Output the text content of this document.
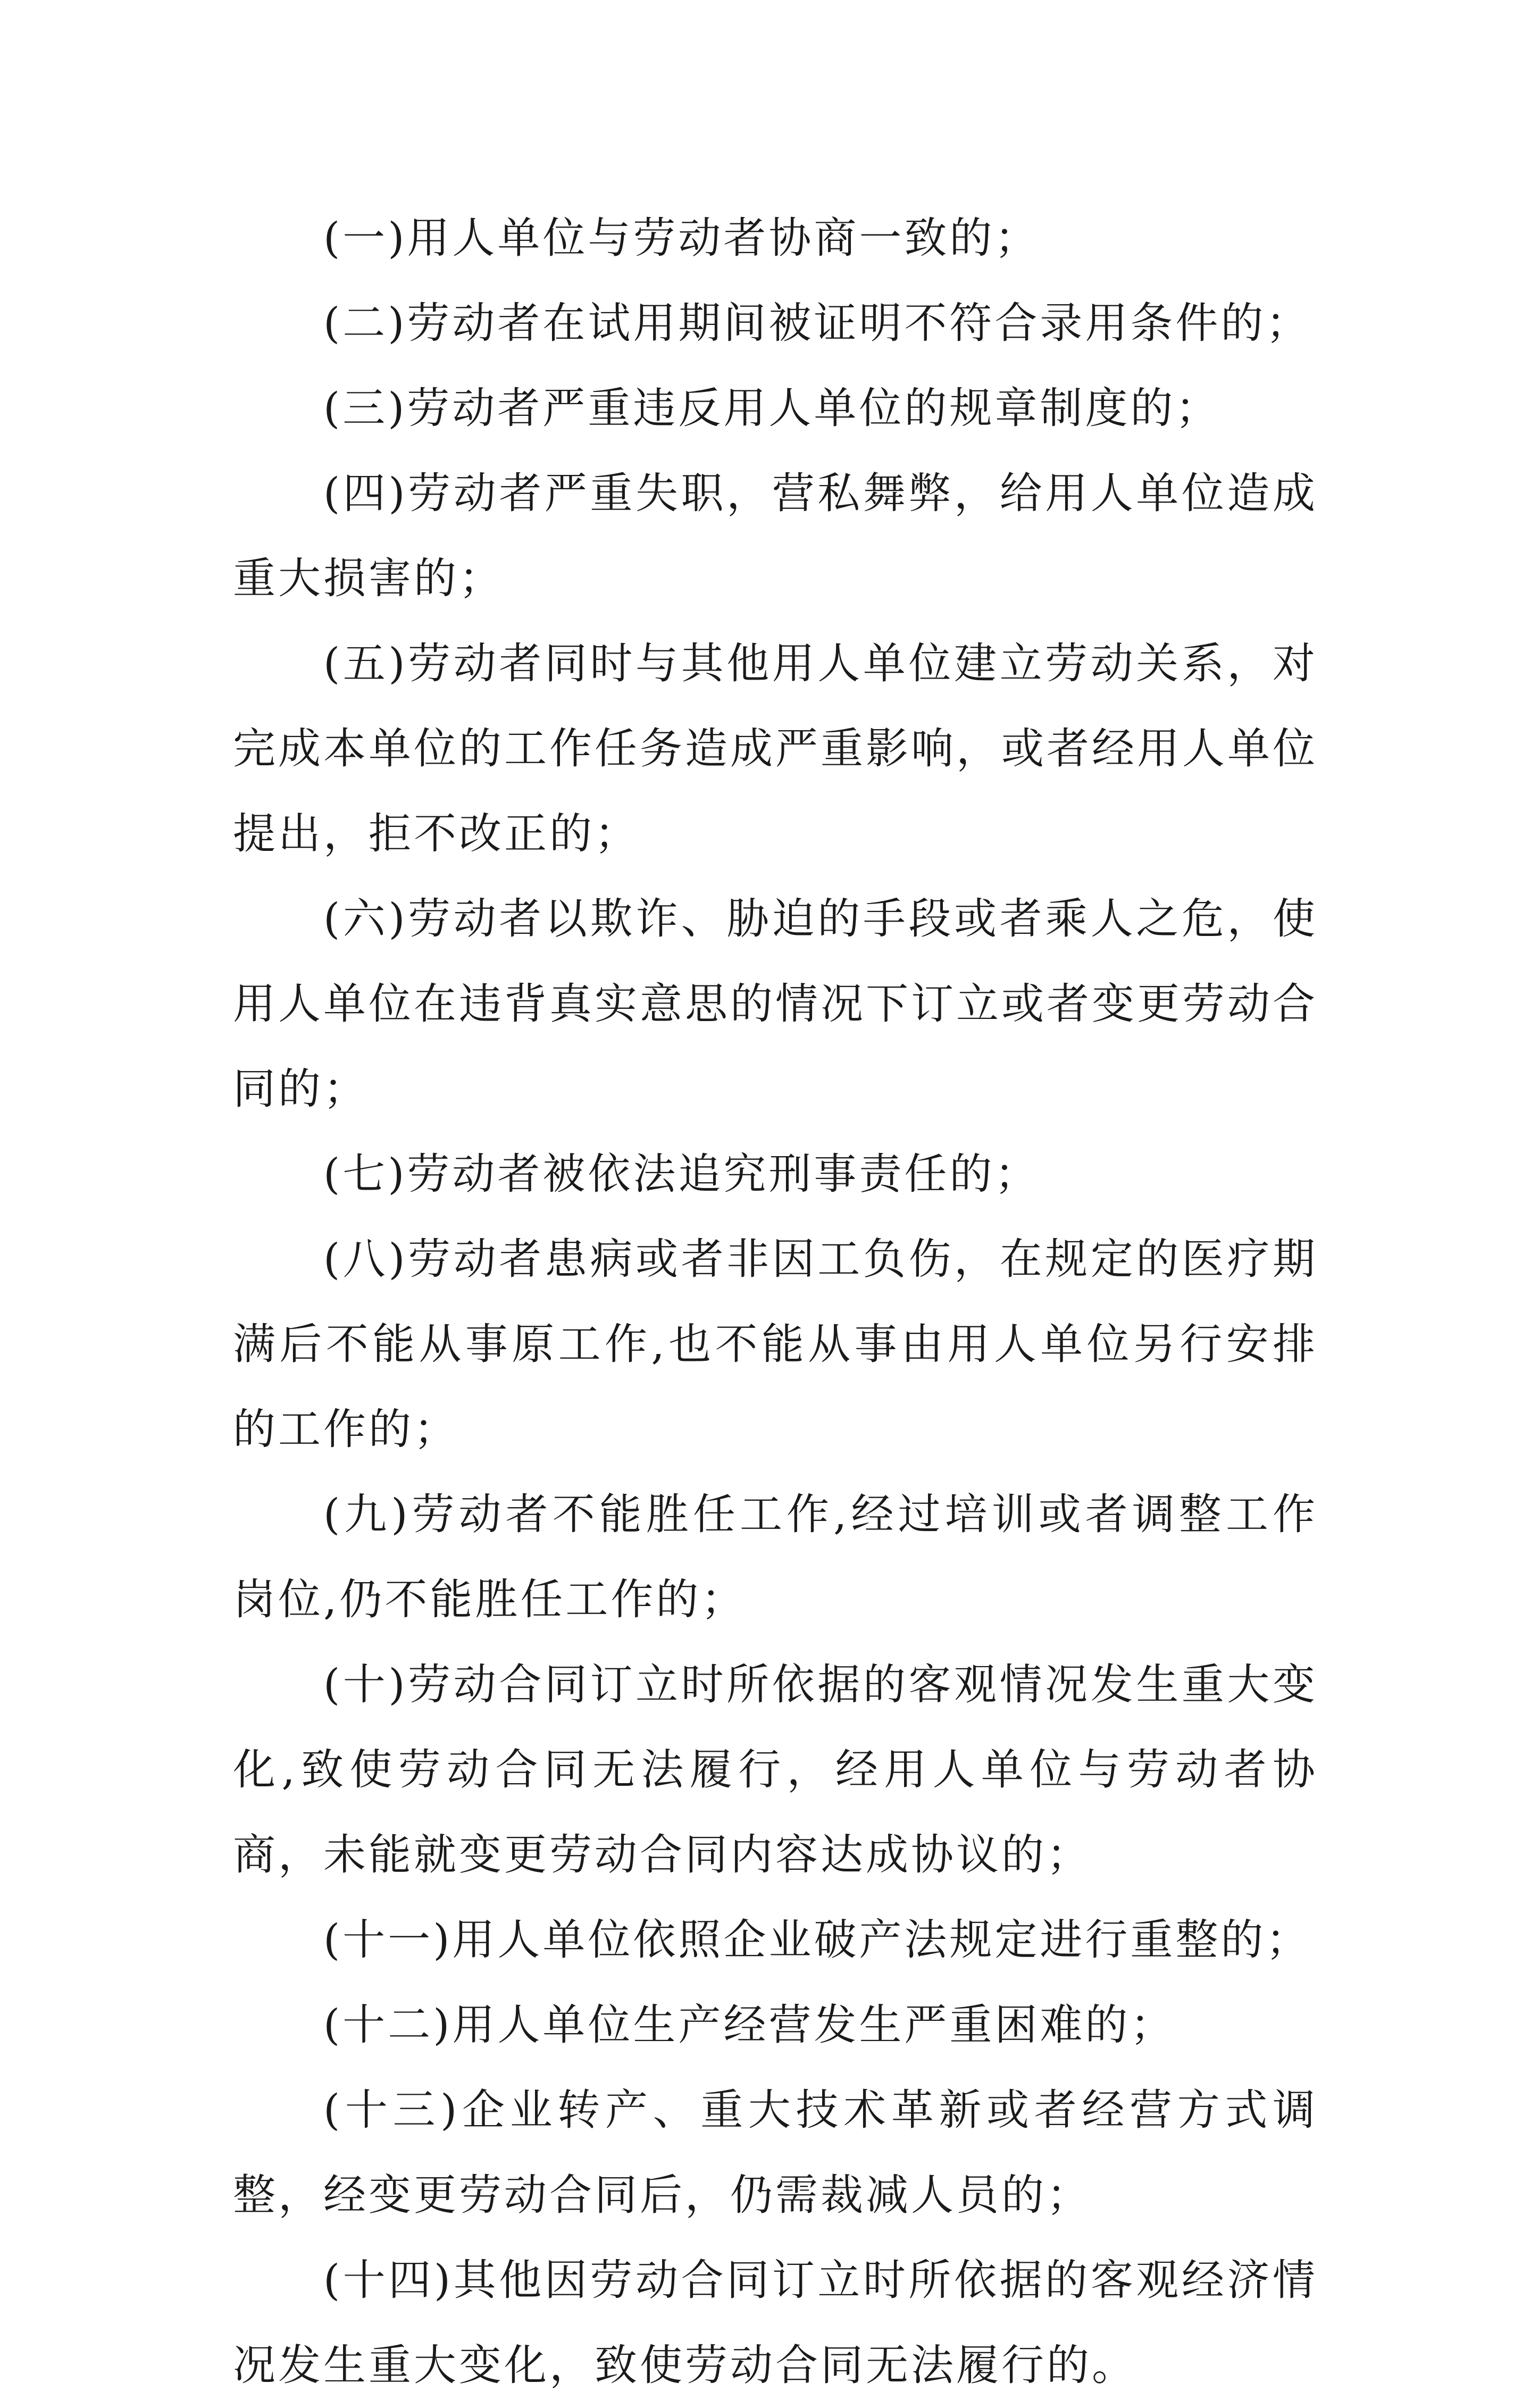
(一)用人单位与劳动者协商一致的；

(二)劳动者在试用期间被证明不符合录用条件的；

(三)劳动者严重违反用人单位的规章制度的；

(四)劳动者严重失职，营私舞弊，给用人单位造成重大损害的；

(五)劳动者同时与其他用人单位建立劳动关系，对完成本单位的工作任务造成严重影响，或者经用人单位提出，拒不改正的；

(六)劳动者以欺诈、胁迫的手段或者乘人之危，使用人单位在违背真实意思的情况下订立或者变更劳动合同的；

(七)劳动者被依法追究刑事责任的；

(八)劳动者患病或者非因工负伤，在规定的医疗期满后不能从事原工作,也不能从事由用人单位另行安排的工作的；

(九)劳动者不能胜任工作,经过培训或者调整工作岗位,仍不能胜任工作的；

(十)劳动合同订立时所依据的客观情况发生重大变化,致使劳动合同无法履行，经用人单位与劳动者协商，未能就变更劳动合同内容达成协议的；

(十一)用人单位依照企业破产法规定进行重整的；

(十二)用人单位生产经营发生严重困难的；

(十三)企业转产、重大技术革新或者经营方式调整，经变更劳动合同后，仍需裁减人员的；

(十四)其他因劳动合同订立时所依据的客观经济情况发生重大变化，致使劳动合同无法履行的。
